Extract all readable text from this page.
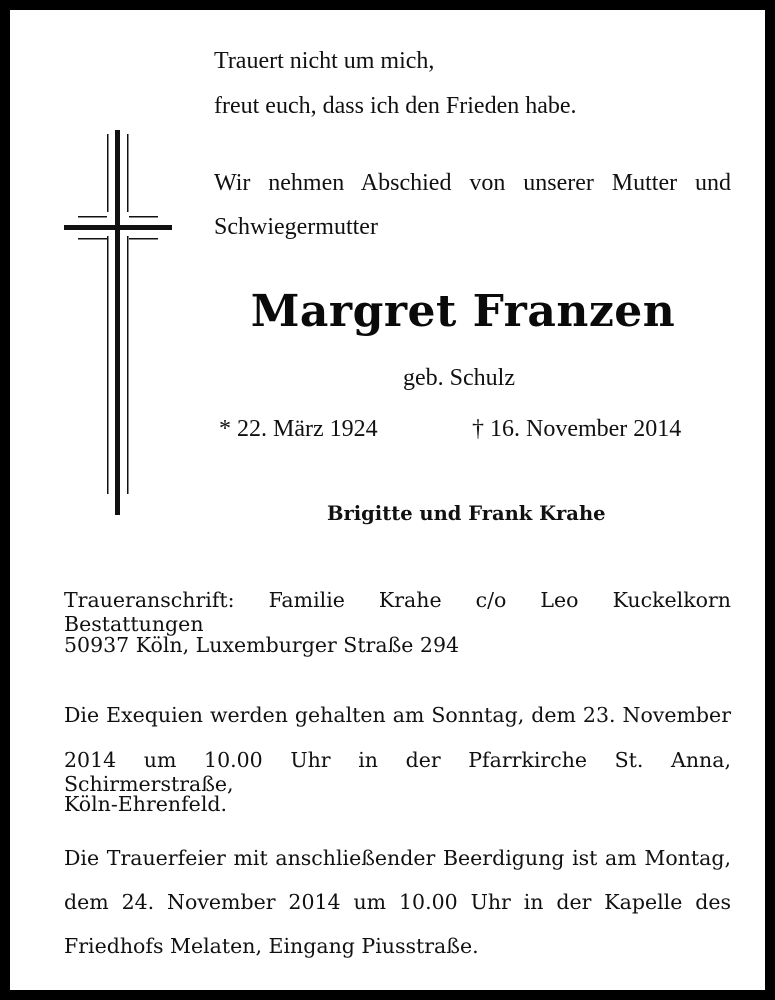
Trauert nicht um mich,
freut euch, dass ich den Frieden habe.
Wir nehmen Abschied von unserer Mutter und
Schwiegermutter
Margret Franzen
geb. Schulz
* 22. März 1924	† 16. November 2014
Brigitte und Frank Krahe
Traueranschrift: Familie Krahe c/o Leo Kuckelkorn Bestattungen
50937 Köln, Luxemburger Straße 294
Die Exequien werden gehalten am Sonntag, dem 23. November
2014 um 10.00 Uhr in der Pfarrkirche St. Anna, Schirmerstraße,
Köln-Ehrenfeld.
Die Trauerfeier mit anschließender Beerdigung ist am Montag,
dem 24. November 2014 um 10.00 Uhr in der Kapelle des
Friedhofs Melaten, Eingang Piusstraße.
